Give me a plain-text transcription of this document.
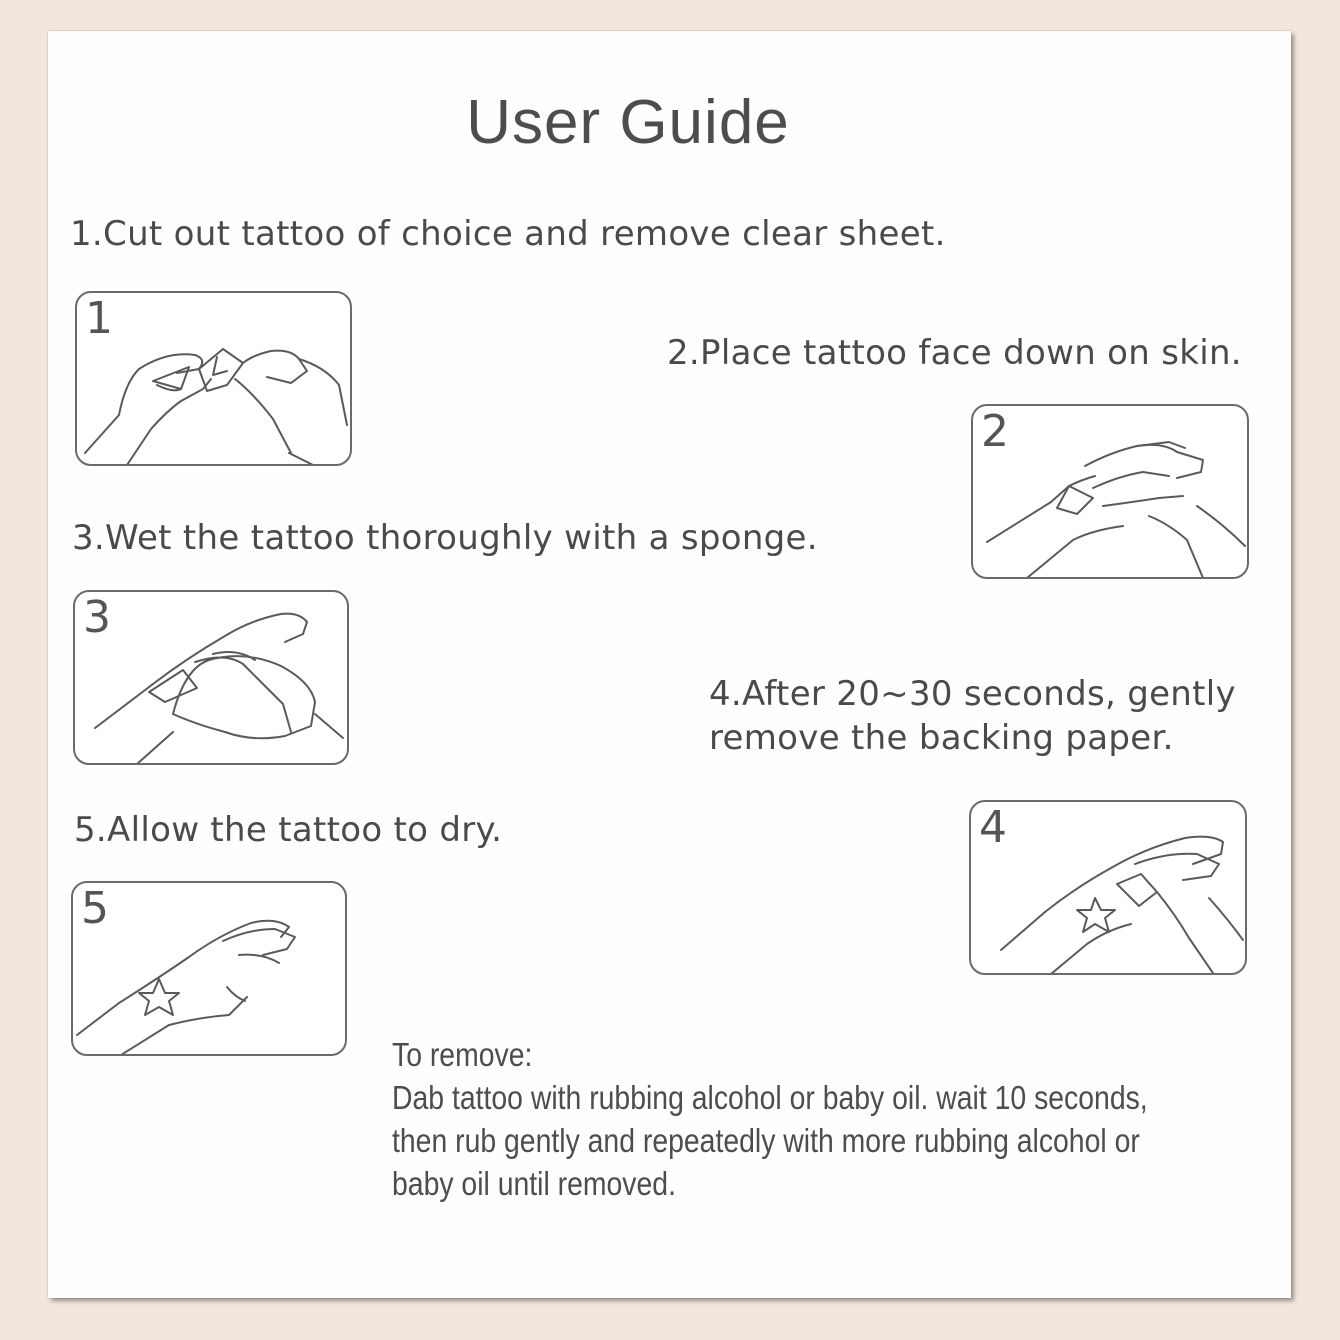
User Guide
1.Cut out tattoo of choice and remove clear sheet.
1
2.Place tattoo face down on skin.
2
3.Wet the tattoo thoroughly with a sponge.
3
4.After 20~30 seconds, gently
remove the backing paper.
4
5.Allow the tattoo to dry.
5
To remove:
Dab tattoo with rubbing alcohol or baby oil. wait 10 seconds,
then rub gently and repeatedly with more rubbing alcohol or
baby oil until removed.
